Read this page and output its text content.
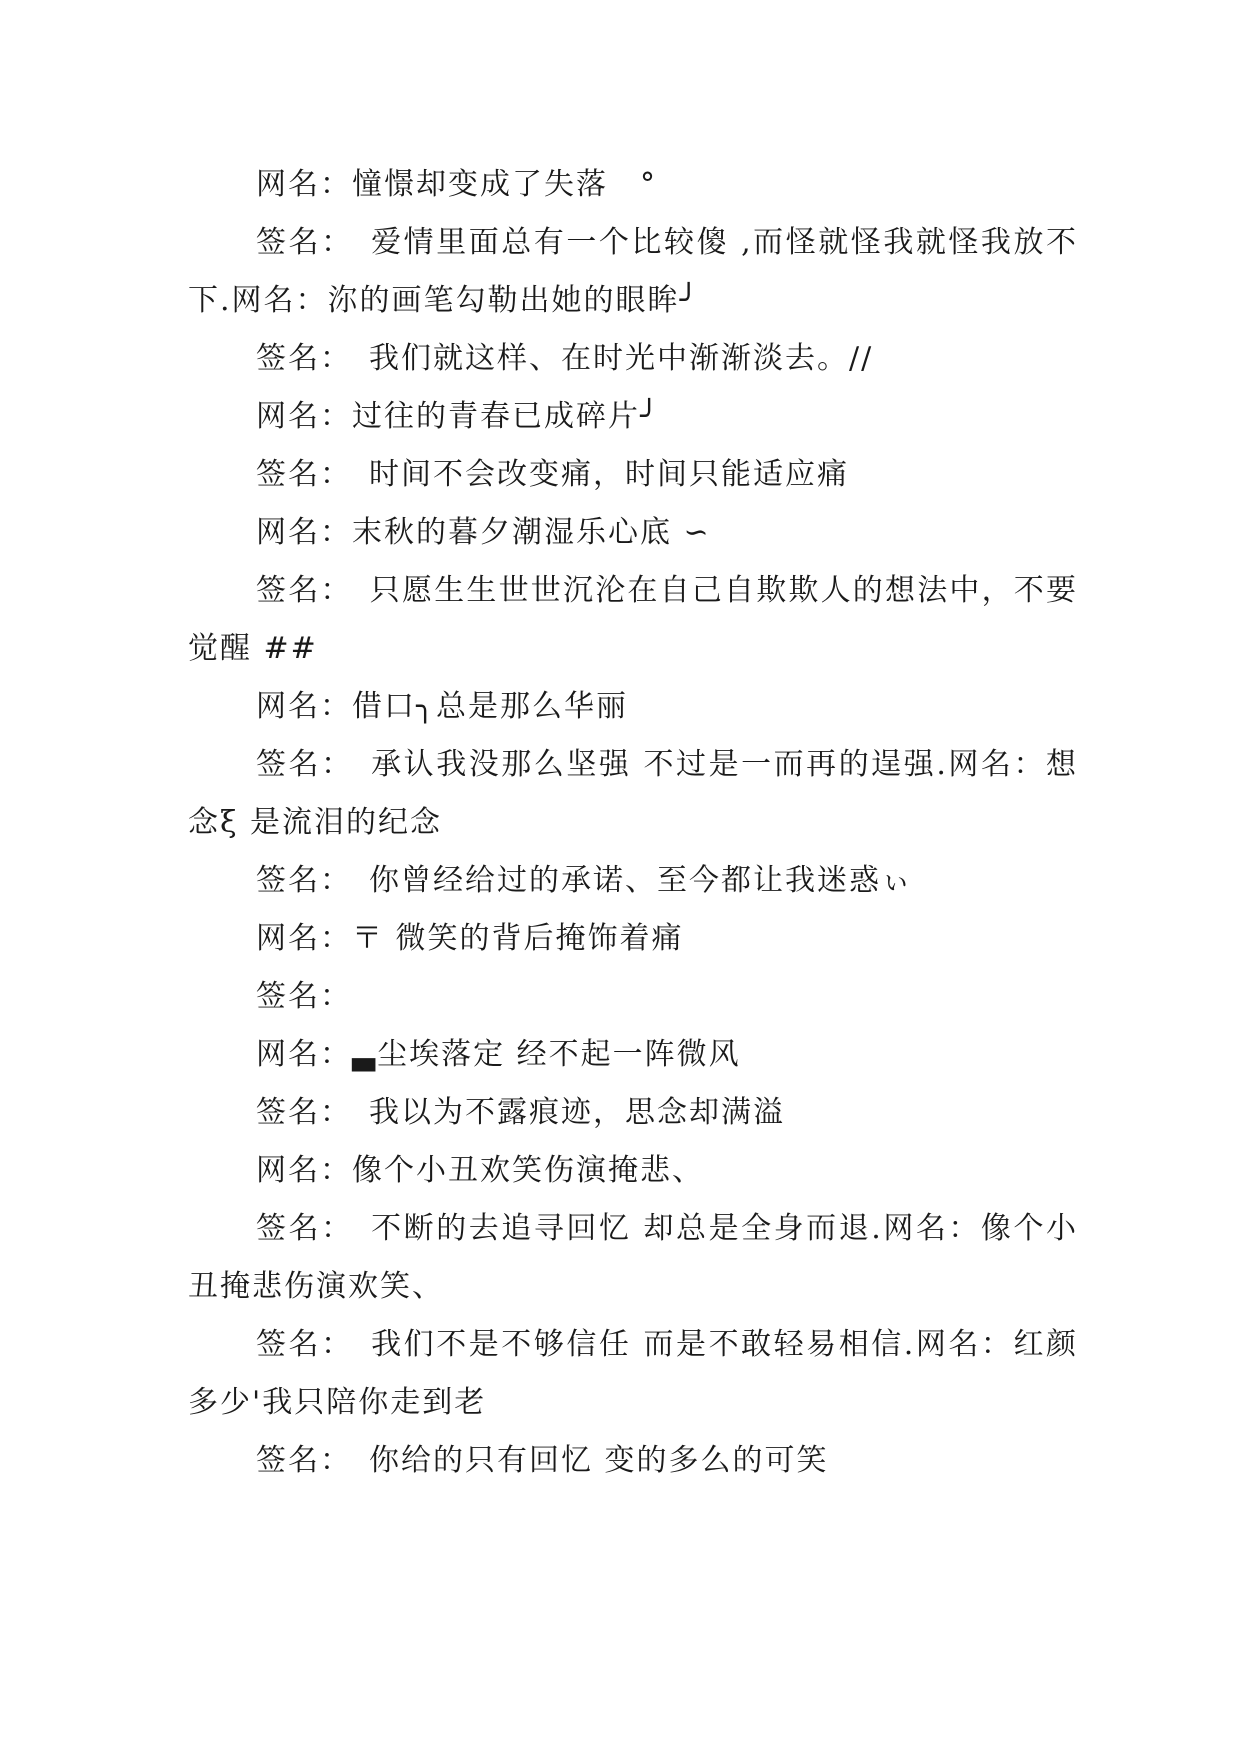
网名：憧憬却变成了失落　°

签名：　爱情里面总有一个比较傻 ,而怪就怪我就怪我放不下.网名：沵的画笔勾勒出她的眼眸╯

签名：　我们就这样、在时光中渐渐淡去。//

网名：过往的青春已成碎片╯

签名：　时间不会改变痛，时间只能适应痛

网名：末秋的暮夕潮湿乐心底 ∽

签名：　只愿生生世世沉沦在自己自欺欺人的想法中，不要觉醒 ##

网名：借口╮总是那么华丽

签名：　承认我没那么坚强 不过是一而再的逞强.网名：想念ξ 是流泪的纪念

签名：　你曾经给过的承诺、至今都让我迷惑ぃ

网名：〒 微笑的背后掩饰着痛

签名：

网名：▃尘埃落定 经不起一阵微风

签名：　我以为不露痕迹，思念却满溢

网名：像个小丑欢笑伤演掩悲、

签名：　不断的去追寻回忆 却总是全身而退.网名：像个小丑掩悲伤演欢笑、

签名：　我们不是不够信任 而是不敢轻易相信.网名：红颜多少'我只陪你走到老

签名：　你给的只有回忆 变的多么的可笑
